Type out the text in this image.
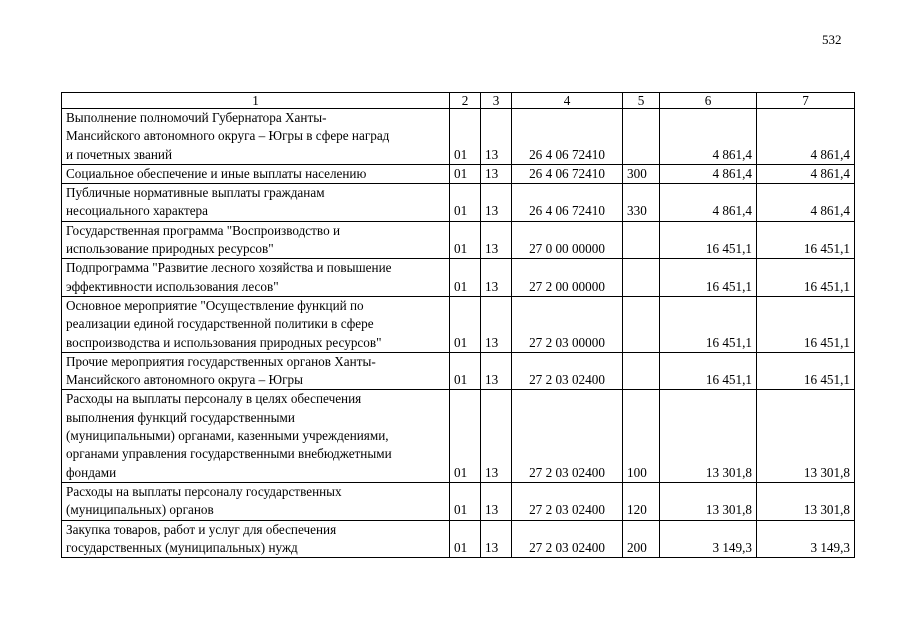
532
1	2	3	4	5	6	7

Выполнение полномочий Губернатора Ханты-
Мансийского автономного округа – Югры в сфере наград
и почетных званий	01	13	26 4 06 72410		4 861,4	4 861,4

Социальное обеспечение и иные выплаты населению	01	13	26 4 06 72410	300	4 861,4	4 861,4

Публичные нормативные выплаты гражданам
несоциального характера	01	13	26 4 06 72410	330	4 861,4	4 861,4

Государственная программа "Воспроизводство и
использование природных ресурсов"	01	13	27 0 00 00000		16 451,1	16 451,1

Подпрограмма "Развитие лесного хозяйства и повышение
эффективности использования лесов"	01	13	27 2 00 00000		16 451,1	16 451,1

Основное мероприятие "Осуществление функций по
реализации единой государственной политики в сфере
воспроизводства и использования природных ресурсов"	01	13	27 2 03 00000		16 451,1	16 451,1

Прочие мероприятия государственных органов Ханты-
Мансийского автономного округа – Югры	01	13	27 2 03 02400		16 451,1	16 451,1

Расходы на выплаты персоналу в целях обеспечения
выполнения функций государственными
(муниципальными) органами, казенными учреждениями,
органами управления государственными внебюджетными
фондами	01	13	27 2 03 02400	100	13 301,8	13 301,8

Расходы на выплаты персоналу государственных
(муниципальных) органов	01	13	27 2 03 02400	120	13 301,8	13 301,8

Закупка товаров, работ и услуг для обеспечения
государственных (муниципальных) нужд	01	13	27 2 03 02400	200	3 149,3	3 149,3
